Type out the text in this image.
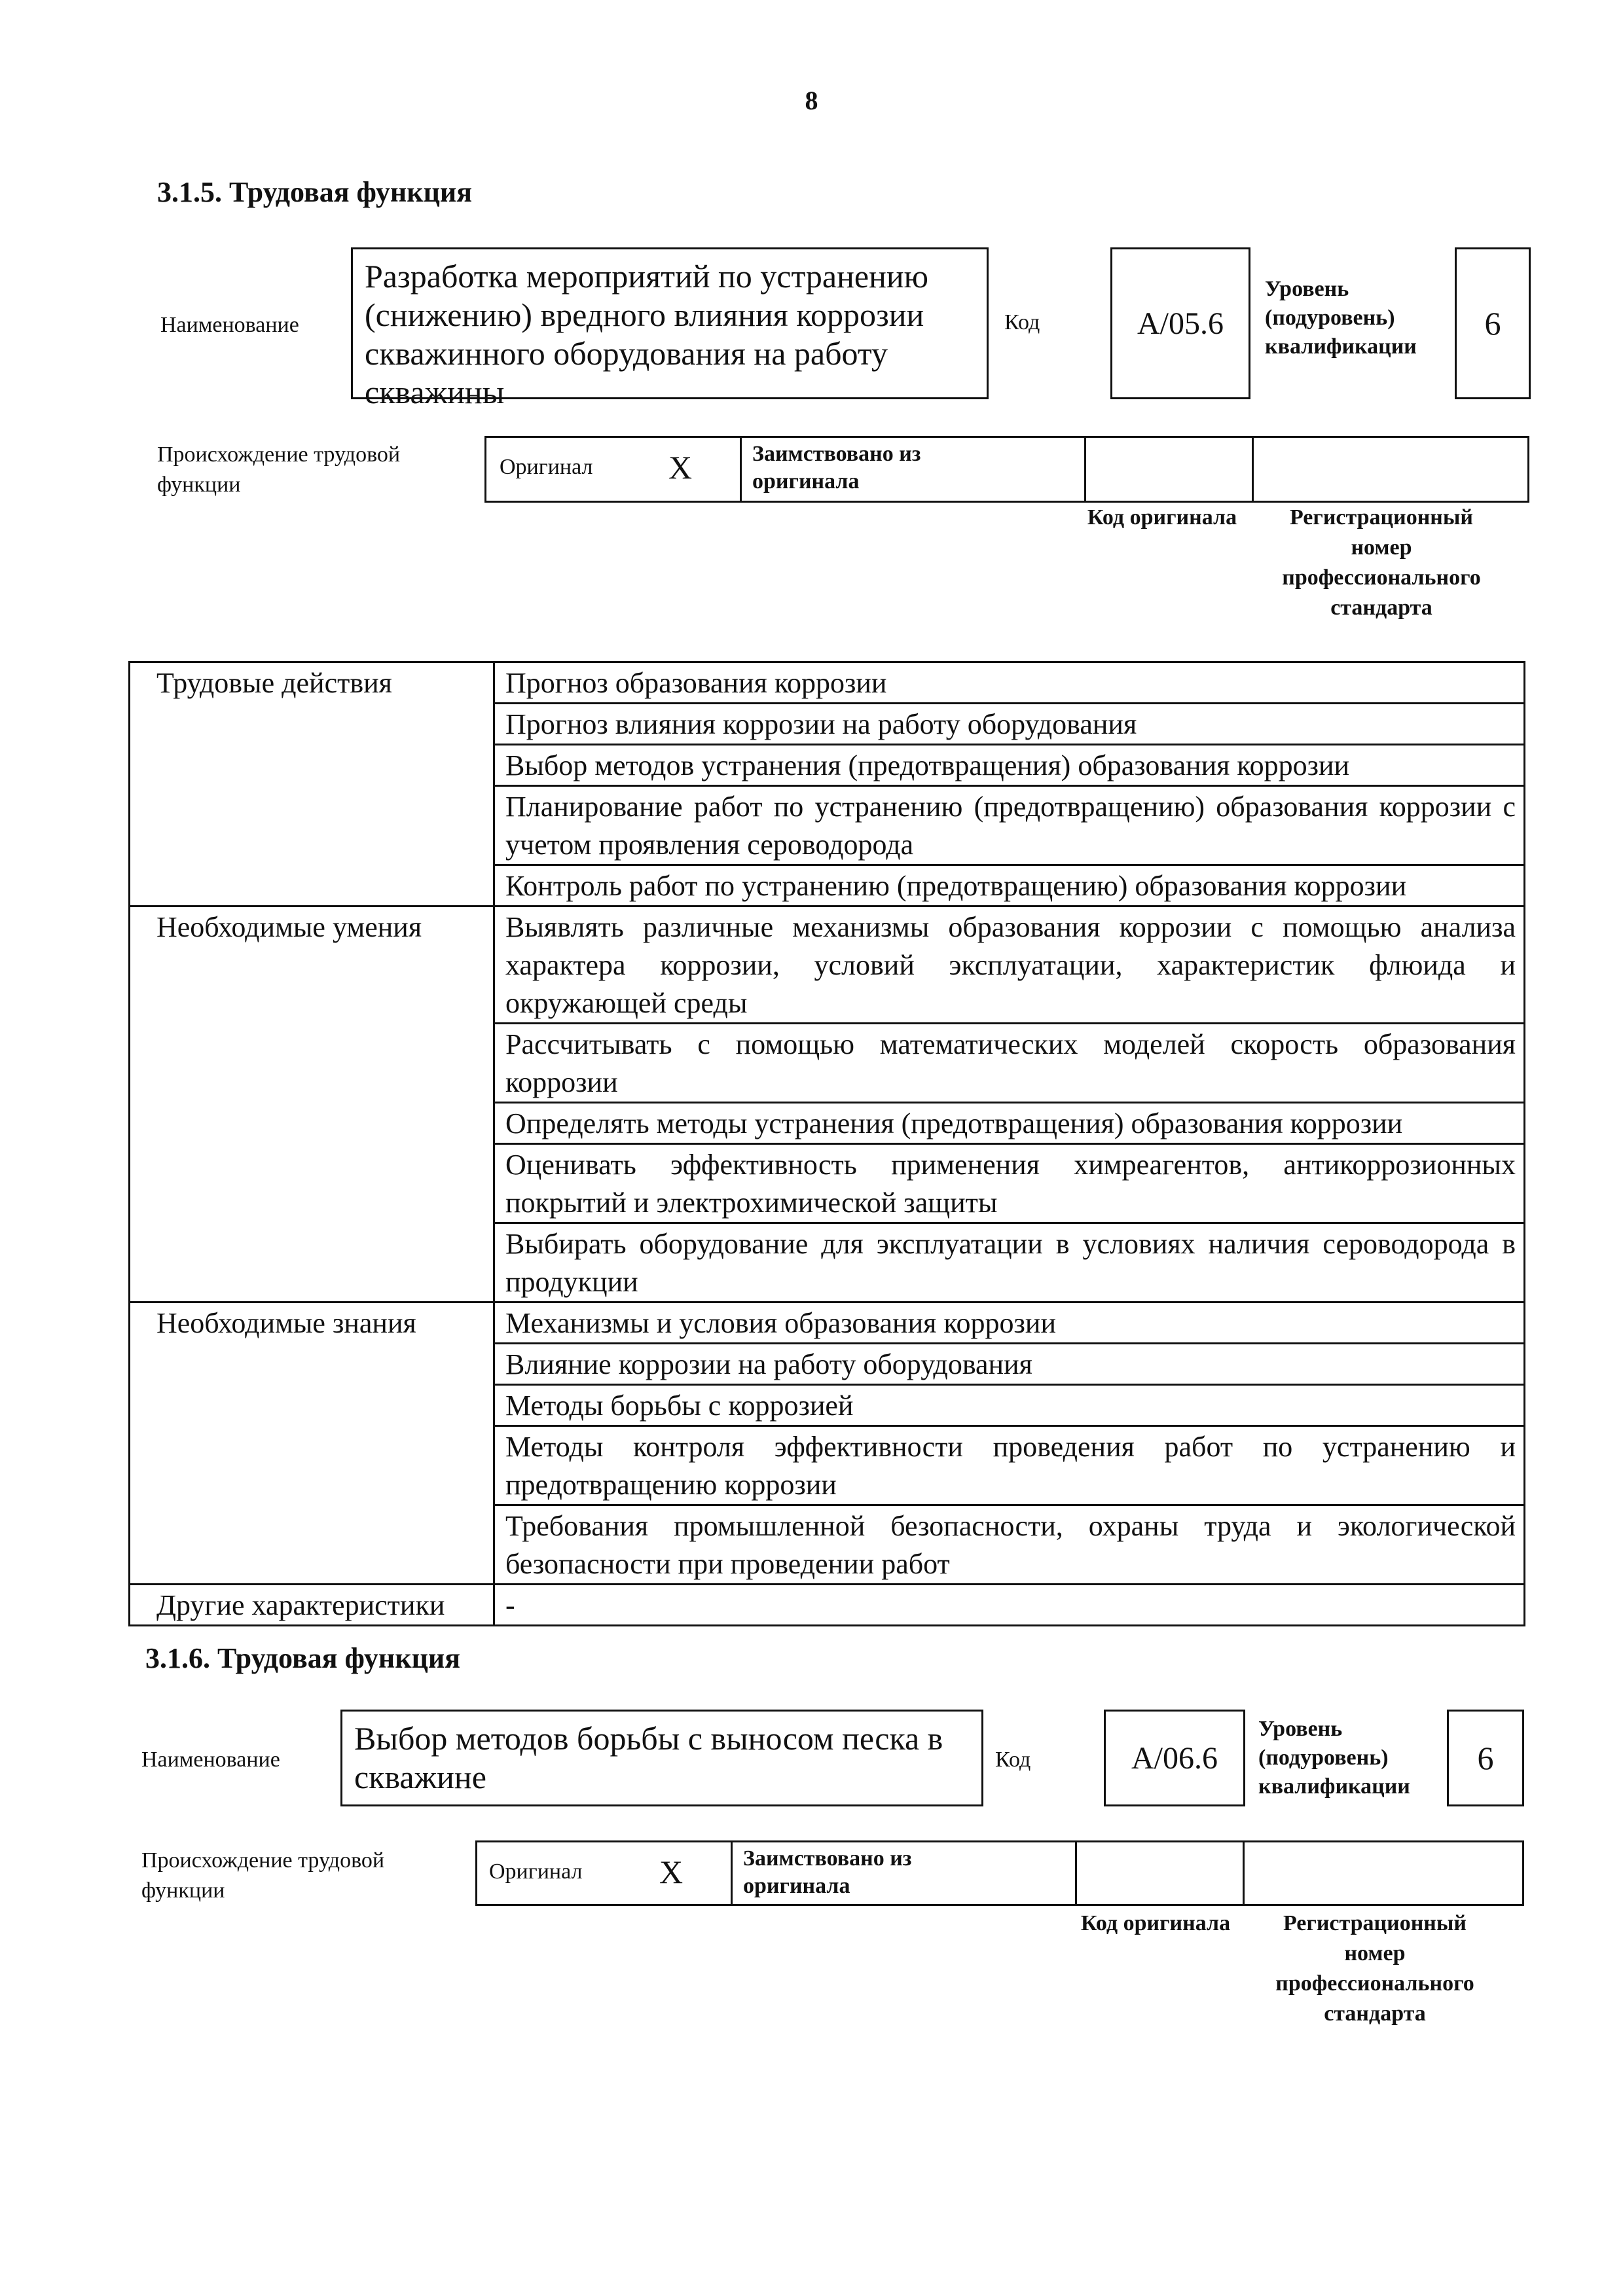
8
3.1.5. Трудовая функция
Наименование
Разработка мероприятий по устранению (снижению) вредного влияния коррозии скважинного оборудования на работу скважины
Код	А/05.6
Уровень
(подуровень)
квалификации
6
Происхождение трудовой функции
Оригинал X	Заимствовано из оригинала
Код оригинала	Регистрационный номер профессионального стандарта
Трудовые действия	Прогноз образования коррозии
	Прогноз влияния коррозии на работу оборудования
	Выбор методов устранения (предотвращения) образования коррозии
	Планирование работ по устранению (предотвращению) образования коррозии с учетом проявления сероводорода
	Контроль работ по устранению (предотвращению) образования коррозии
Необходимые умения	Выявлять различные механизмы образования коррозии с помощью анализа характера коррозии, условий эксплуатации, характеристик флюида и окружающей среды
	Рассчитывать с помощью математических моделей скорость образования коррозии
	Определять методы устранения (предотвращения) образования коррозии
	Оценивать эффективность применения химреагентов, антикоррозионных покрытий и электрохимической защиты
	Выбирать оборудование для эксплуатации в условиях наличия сероводорода в продукции
Необходимые знания	Механизмы и условия образования коррозии
	Влияние коррозии на работу оборудования
	Методы борьбы с коррозией
	Методы контроля эффективности проведения работ по устранению и предотвращению коррозии
	Требования промышленной безопасности, охраны труда и экологической безопасности при проведении работ
Другие характеристики	-
3.1.6. Трудовая функция
Наименование
Выбор методов борьбы с выносом песка в скважине	Код	А/06.6
Уровень
(подуровень)
квалификации
6
Происхождение трудовой функции
Оригинал X	Заимствовано из оригинала
Код оригинала	Регистрационный номер профессионального стандарта
